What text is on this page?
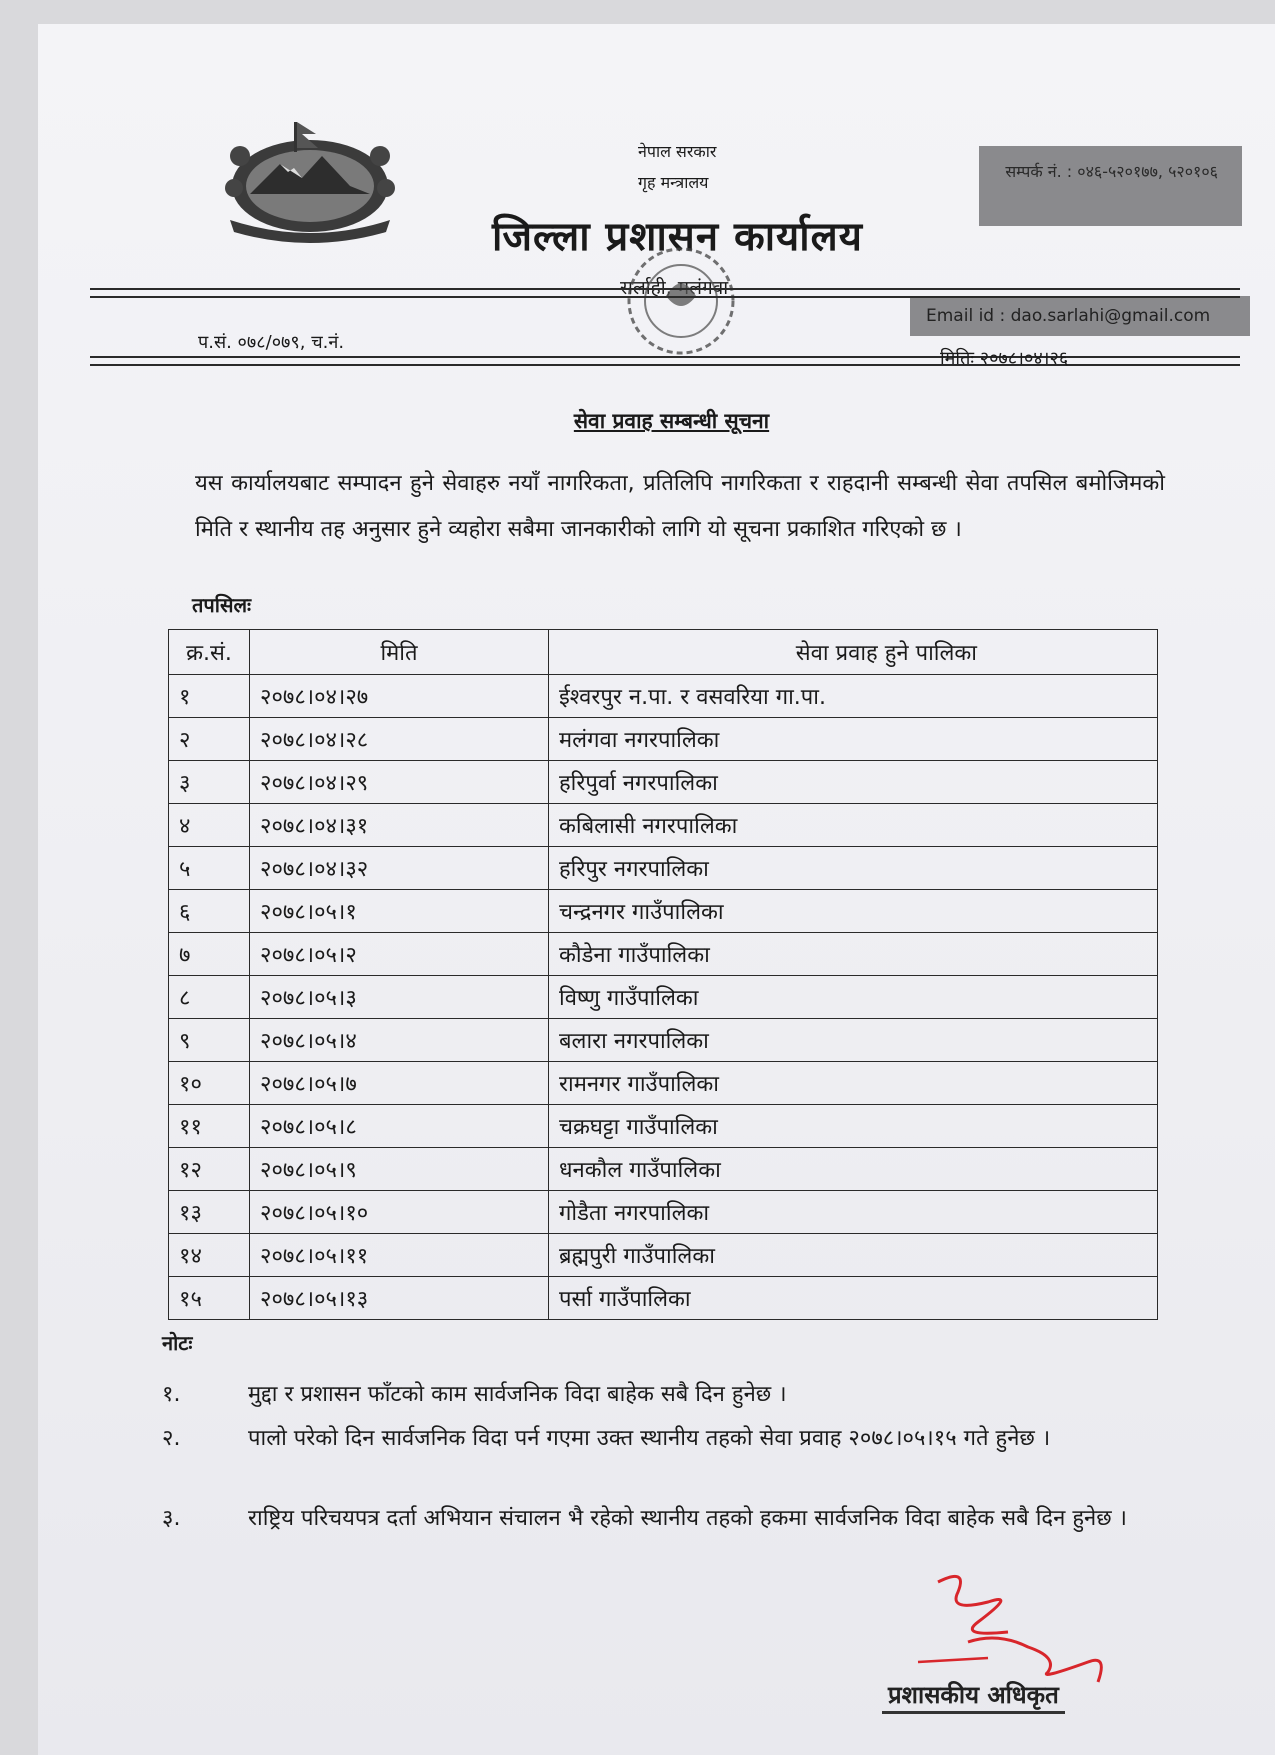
नेपाल सरकार
गृह मन्त्रालय
जिल्ला प्रशासन कार्यालय
सम्पर्क नं. : ०४६-५२०१७७, ५२०१०६
Email id : dao.sarlahi@gmail.com
प.सं. ०७८/०७९, च.नं.
मितिः २०७८।०४।२६
सेवा प्रवाह सम्बन्धी सूचना
यस कार्यालयबाट सम्पादन हुने सेवाहरु नयाँ नागरिकता, प्रतिलिपि नागरिकता र राहदानी सम्बन्धी सेवा तपसिल बमोजिमको मिति र स्थानीय तह अनुसार हुने व्यहोरा सबैमा जानकारीको लागि यो सूचना प्रकाशित गरिएको छ ।
तपसिलः
क्र.सं.	मिति	सेवा प्रवाह हुने पालिका
१	२०७८।०४।२७	ईश्वरपुर न.पा. र वसवरिया गा.पा.
२	२०७८।०४।२८	मलंगवा नगरपालिका
३	२०७८।०४।२९	हरिपुर्वा नगरपालिका
४	२०७८।०४।३१	कबिलासी नगरपालिका
५	२०७८।०४।३२	हरिपुर नगरपालिका
६	२०७८।०५।१	चन्द्रनगर गाउँपालिका
७	२०७८।०५।२	कौडेना गाउँपालिका
८	२०७८।०५।३	विष्णु गाउँपालिका
९	२०७८।०५।४	बलारा नगरपालिका
१०	२०७८।०५।७	रामनगर गाउँपालिका
११	२०७८।०५।८	चक्रघट्टा गाउँपालिका
१२	२०७८।०५।९	धनकौल गाउँपालिका
१३	२०७८।०५।१०	गोडैता नगरपालिका
१४	२०७८।०५।११	ब्रह्मपुरी गाउँपालिका
१५	२०७८।०५।१३	पर्सा गाउँपालिका
नोटः
१.	मुद्दा र प्रशासन फाँटको काम सार्वजनिक विदा बाहेक सबै दिन हुनेछ ।
२.	पालो परेको दिन सार्वजनिक विदा पर्न गएमा उक्त स्थानीय तहको सेवा प्रवाह २०७८।०५।१५ गते हुनेछ ।
३.	राष्ट्रिय परिचयपत्र दर्ता अभियान संचालन भै रहेको स्थानीय तहको हकमा सार्वजनिक विदा बाहेक सबै दिन हुनेछ ।
प्रशासकीय अधिकृत
